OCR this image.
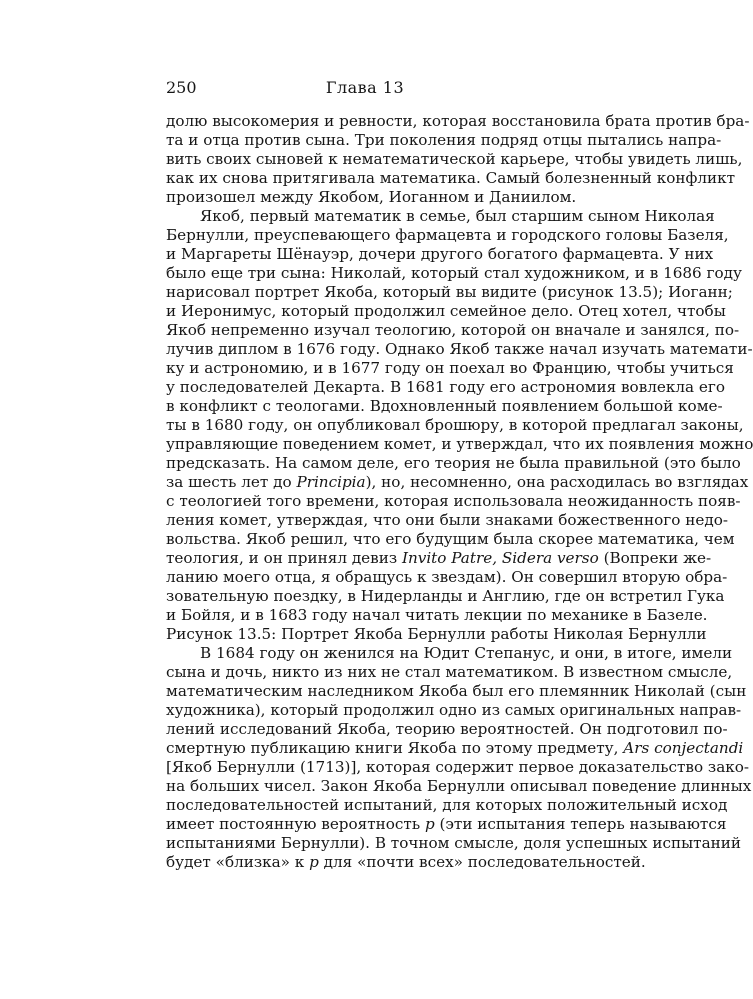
250	Глава 13
долю высокомерия и ревности, которая восстановила брата против бра-
та и отца против сына. Три поколения подряд отцы пытались напра-
вить своих сыновей к нематематической карьере, чтобы увидеть лишь,
как их снова притягивала математика. Самый болезненный конфликт
произошел между Якобом, Иоганном и Даниилом.
Якоб, первый математик в семье, был старшим сыном Николая
Бернулли, преуспевающего фармацевта и городского головы Базеля,
и Маргареты Шёнауэр, дочери другого богатого фармацевта. У них
было еще три сына: Николай, который стал художником, и в 1686 году
нарисовал портрет Якоба, который вы видите (рисунок 13.5); Иоганн;
и Иеронимус, который продолжил семейное дело. Отец хотел, чтобы
Якоб непременно изучал теологию, которой он вначале и занялся, по-
лучив диплом в 1676 году. Однако Якоб также начал изучать математи-
ку и астрономию, и в 1677 году он поехал во Францию, чтобы учиться
у последователей Декарта. В 1681 году его астрономия вовлекла его
в конфликт с теологами. Вдохновленный появлением большой коме-
ты в 1680 году, он опубликовал брошюру, в которой предлагал законы,
управляющие поведением комет, и утверждал, что их появления можно
предсказать. На самом деле, его теория не была правильной (это было
за шесть лет до Principia), но, несомненно, она расходилась во взглядах
с теологией того времени, которая использовала неожиданность появ-
ления комет, утверждая, что они были знаками божественного недо-
вольства. Якоб решил, что его будущим была скорее математика, чем
теология, и он принял девиз Invito Patre, Sidera verso (Вопреки же-
ланию моего отца, я обращусь к звездам). Он совершил вторую обра-
зовательную поездку, в Нидерланды и Англию, где он встретил Гука
и Бойля, и в 1683 году начал читать лекции по механике в Базеле.
Рисунок 13.5: Портрет Якоба Бернулли работы Николая Бернулли
В 1684 году он женился на Юдит Степанус, и они, в итоге, имели
сына и дочь, никто из них не стал математиком. В известном смысле,
математическим наследником Якоба был его племянник Николай (сын
художника), который продолжил одно из самых оригинальных направ-
лений исследований Якоба, теорию вероятностей. Он подготовил по-
смертную публикацию книги Якоба по этому предмету, Ars conjectandi
[Якоб Бернулли (1713)], которая содержит первое доказательство зако-
на больших чисел. Закон Якоба Бернулли описывал поведение длинных
последовательностей испытаний, для которых положительный исход
имеет постоянную вероятность p (эти испытания теперь называются
испытаниями Бернулли). В точном смысле, доля успешных испытаний
будет «близка» к p для «почти всех» последовательностей.
